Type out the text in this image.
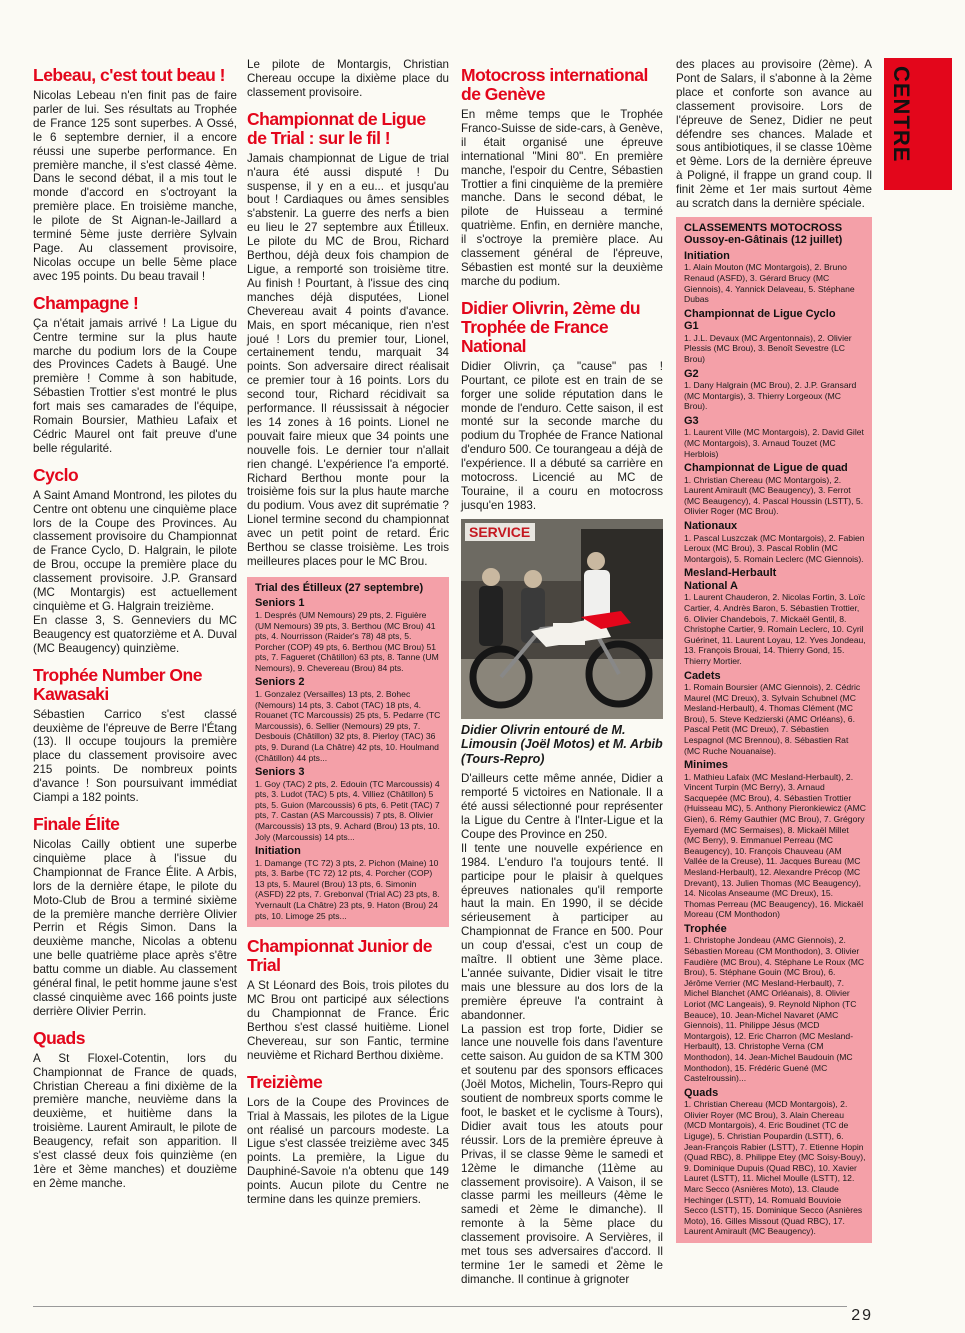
CENTRE
Lebeau, c'est tout beau !

Nicolas Lebeau n'en finit pas de faire parler de lui. Ses résultats au Trophée de France 125 sont superbes. A Ossé, le 6 septembre dernier, il a encore réussi une superbe performance. En première manche, il s'est classé 4ème. Dans le second débat, il a mis tout le monde d'accord en s'octroyant la première place. En troisième manche, le pilote de St Aignan-le-Jaillard a terminé 5ème juste derrière Sylvain Page. Au classement provisoire, Nicolas occupe un belle 5ème place avec 195 points. Du beau travail !

Champagne !

Ça n'était jamais arrivé ! La Ligue du Centre termine sur la plus haute marche du podium lors de la Coupe des Provinces Cadets à Baugé. Une première ! Comme à son habitude, Sébastien Trottier s'est montré le plus fort mais ses camarades de l'équipe, Romain Boursier, Mathieu Lafaix et Cédric Maurel ont fait preuve d'une belle régularité.

Cyclo

A Saint Amand Montrond, les pilotes du Centre ont obtenu une cinquième place lors de la Coupe des Provinces. Au classement provisoire du Championnat de France Cyclo, D. Halgrain, le pilote de Brou, occupe la première place du classement provisoire. J.P. Gransard (MC Montargis) est actuellement cinquième et G. Halgrain treizième.

En classe 3, S. Genneviers du MC Beaugency est quatorzième et A. Duval (MC Beaugency) quinzième.

Trophée Number One Kawasaki

Sébastien Carrico s'est classé deuxième de l'épreuve de Berre l'Étang (13). Il occupe toujours la première place du classement provisoire avec 215 points. De nombreux points d'avance ! Son poursuivant immédiat Ciampi a 182 points.

Finale Élite

Nicolas Cailly obtient une superbe cinquième place à l'issue du Championnat de France Élite. A Arbis, lors de la dernière étape, le pilote du Moto-Club de Brou a terminé sixième de la première manche derrière Olivier Perrin et Régis Simon. Dans la deuxième manche, Nicolas a obtenu une belle quatrième place après s'être battu comme un diable. Au classement général final, le petit homme jaune s'est classé cinquième avec 166 points juste derrière Olivier Perrin.

Quads

A St Floxel-Cotentin, lors du Championnat de France de quads, Christian Chereau a fini dixième de la première manche, neuvième dans la deuxième, et huitième dans la troisième. Laurent Amirault, le pilote de Beaugency, refait son apparition. Il s'est classé deux fois quinzième (en 1ère et 3ème manches) et douzième en 2ème manche.

Le pilote de Montargis, Christian Chereau occupe la dixième place du classement provisoire.

Championnat de Ligue de Trial : sur le fil !

Jamais championnat de Ligue de trial n'aura été aussi disputé ! Du suspense, il y en a eu... et jusqu'au bout ! Cardiaques ou âmes sensibles s'abstenir. La guerre des nerfs a bien eu lieu le 27 septembre aux Étilleux. Le pilote du MC de Brou, Richard Berthou, déjà deux fois champion de Ligue, a remporté son troisième titre. Au finish ! Pourtant, à l'issue des cinq manches déjà disputées, Lionel Chevereau avait 4 points d'avance. Mais, en sport mécanique, rien n'est joué ! Lors du premier tour, Lionel, certainement tendu, marquait 34 points. Son adversaire direct réalisait ce premier tour à 16 points. Lors du second tour, Richard récidivait sa performance. Il réussissait à négocier les 14 zones à 16 points. Lionel ne pouvait faire mieux que 34 points une nouvelle fois. Le dernier tour n'allait rien changé. L'expérience l'a emporté. Richard Berthou monte pour la troisième fois sur la plus haute marche du podium. Vous avez dit suprématie ? Lionel termine second du championnat avec un petit point de retard. Éric Berthou se classe troisième. Les trois meilleures places pour le MC Brou.

Trial des Étilleux (27 septembre)
Seniors 1

1. Després (UM Nemours) 29 pts, 2. Figuière (UM Nemours) 39 pts, 3. Berthou (MC Brou) 41 pts, 4. Nourrisson (Raider's 78) 48 pts, 5. Porcher (COP) 49 pts, 6. Berthou (MC Brou) 51 pts, 7. Fagueret (Châtillon) 63 pts, 8. Tanne (UM Nemours), 9. Chevereau (Brou) 84 pts.

Seniors 2

1. Gonzalez (Versailles) 13 pts, 2. Bohec (Nemours) 14 pts, 3. Cabot (TAC) 18 pts, 4. Rouanet (TC Marcoussis) 25 pts, 5. Pedarre (TC Marcoussis), 6. Sellier (Nemours) 29 pts, 7. Desbouis (Châtillon) 32 pts, 8. Pierloy (TAC) 36 pts, 9. Durand (La Châtre) 42 pts, 10. Houlmand (Châtillon) 44 pts...

Seniors 3

1. Goy (TAC) 2 pts, 2. Edouin (TC Marcoussis) 4 pts, 3. Ludot (TAC) 5 pts, 4. Villiez (Châtillon) 5 pts, 5. Guion (Marcoussis) 6 pts, 6. Petit (TAC) 7 pts, 7. Castan (AS Marcoussis) 7 pts, 8. Olivier (Marcoussis) 13 pts, 9. Achard (Brou) 13 pts, 10. Joly (Marcoussis) 14 pts...

Initiation

1. Damange (TC 72) 3 pts, 2. Pichon (Maine) 10 pts, 3. Barbe (TC 72) 12 pts, 4. Porcher (COP) 13 pts, 5. Maurel (Brou) 13 pts, 6. Simonin (ASFD) 22 pts, 7. Grebonval (Trial AC) 23 pts, 8. Yvernault (La Châtre) 23 pts, 9. Haton (Brou) 24 pts, 10. Limoge 25 pts...

Championnat Junior de Trial

A St Léonard des Bois, trois pilotes du MC Brou ont participé aux sélections du Championnat de France. Éric Berthou s'est classé huitième. Lionel Chevereau, sur son Fantic, termine neuvième et Richard Berthou dixième.

Treizième

Lors de la Coupe des Provinces de Trial à Massais, les pilotes de la Ligue ont réalisé un parcours modeste. La Ligue s'est classée treizième avec 345 points. La première, la Ligue du Dauphiné-Savoie n'a obtenu que 149 points. Aucun pilote du Centre ne termine dans les quinze premiers.

Motocross international de Genève

En même temps que le Trophée Franco-Suisse de side-cars, à Genève, il était organisé une épreuve international "Mini 80". En première manche, l'espoir du Centre, Sébastien Trottier a fini cinquième de la première manche. Dans le second débat, le pilote de Huisseau a terminé quatrième. Enfin, en dernière manche, il s'octroye la première place. Au classement général de l'épreuve, Sébastien est monté sur la deuxième marche du podium.

Didier Olivrin, 2ème du Trophée de France National

Didier Olivrin, ça "cause" pas ! Pourtant, ce pilote est en train de se forger une solide réputation dans le monde de l'enduro. Cette saison, il est monté sur la seconde marche du podium du Trophée de France National d'enduro 500. Ce tourangeau a déjà de l'expérience. Il a débuté sa carrière en motocross. Licencié au MC de Touraine, il a couru en motocross jusqu'en 1983.

SERVICE
Didier Olivrin entouré de M. Limousin (Joël Motos) et M. Arbib (Tours-Repro)

D'ailleurs cette même année, Didier a remporté 5 victoires en Nationale. Il a été aussi sélectionné pour représenter la Ligue du Centre à l'Inter-Ligue et la Coupe des Province en 250.

Il tente une nouvelle expérience en 1984. L'enduro l'a toujours tenté. Il participe pour le plaisir à quelques épreuves nationales qu'il remporte haut la main. En 1990, il se décide sérieusement à participer au Championnat de France en 500. Pour un coup d'essai, c'est un coup de maître. Il obtient une 3ème place. L'année suivante, Didier visait le titre mais une blessure au dos lors de la première épreuve l'a contraint à abandonner.

La passion est trop forte, Didier se lance une nouvelle fois dans l'aventure cette saison. Au guidon de sa KTM 300 et soutenu par des sponsors efficaces (Joël Motos, Michelin, Tours-Repro qui soutient de nombreux sports comme le foot, le basket et le cyclisme à Tours), Didier avait tous les atouts pour réussir. Lors de la première épreuve à Privas, il se classe 9ème le samedi et 12ème le dimanche (11ème au classement provisoire). A Vaison, il se classe parmi les meilleurs (4ème le samedi et 2ème le dimanche). Il remonte à la 5ème place du classement provisoire. A Servières, il met tous ses adversaires d'accord. Il termine 1er le samedi et 2ème le dimanche. Il continue à grignoter

des places au provisoire (2ème). A Pont de Salars, il s'abonne à la 2ème place et conforte son avance au classement provisoire. Lors de l'épreuve de Senez, Didier ne peut défendre ses chances. Malade et sous antibiotiques, il se classe 10ème et 9ème. Lors de la dernière épreuve à Poligné, il frappe un grand coup. Il finit 2ème et 1er mais surtout 4ème au scratch dans la dernière spéciale.

CLASSEMENTS MOTOCROSS
Oussoy-en-Gâtinais (12 juillet)
Initiation

1. Alain Mouton (MC Montargois), 2. Bruno Renaud (ASFD), 3. Gérard Brucy (MC Giennois), 4. Yannick Delaveau, 5. Stéphane Dubas

Championnat de Ligue Cyclo
G1

1. J.L. Devaux (MC Argentonnais), 2. Olivier Plessis (MC Brou), 3. Benoît Sevestre (LC Brou)

G2

1. Dany Halgrain (MC Brou), 2. J.P. Gransard (MC Montargis), 3. Thierry Lorgeoux (MC Brou).

G3

1. Laurent Ville (MC Montargois), 2. David Gilet (MC Montargois), 3. Arnaud Touzet (MC Herblois)

Championnat de Ligue de quad

1. Christian Chereau (MC Montargois), 2. Laurent Amirault (MC Beaugency), 3. Ferrot (MC Beaugency), 4. Pascal Houssin (LSTT), 5. Olivier Roger (MC Brou).

Nationaux

1. Pascal Luszczak (MC Montargois), 2. Fabien Leroux (MC Brou), 3. Pascal Roblin (MC Montargois), 5. Romain Leclerc (MC Giennois).

Mesland-Herbault
National A

1. Laurent Chauderon, 2. Nicolas Fortin, 3. Loïc Cartier, 4. Andrès Baron, 5. Sébastien Trottier, 6. Olivier Chandebois, 7. Mickaël Gentil, 8. Christophe Cartier, 9. Romain Leclerc, 10. Cyril Guérinet, 11. Laurent Loyau, 12. Yves Jondeau, 13. François Brouai, 14. Thierry Gond, 15. Thierry Mortier.

Cadets

1. Romain Boursier (AMC Giennois), 2. Cédric Maurel (MC Dreux), 3. Sylvain Schubnel (MC Mesland-Herbault), 4. Thomas Clément (MC Brou), 5. Steve Kedzierski (AMC Orléans), 6. Pascal Petit (MC Dreux), 7. Sébastien Lespagnol (MC Brennou), 8. Sébastien Rat (MC Ruche Nouanaise).

Minimes

1. Mathieu Lafaix (MC Mesland-Herbault), 2. Vincent Turpin (MC Berry), 3. Arnaud Sacquepée (MC Brou), 4. Sébastien Trottier (Huisseau MC), 5. Anthony Pieronkiewicz (AMC Gien), 6. Rémy Gauthier (MC Brou), 7. Grégory Eyemard (MC Sermaises), 8. Mickaël Millet (MC Berry), 9. Emmanuel Perreau (MC Beaugency), 10. François Chauveau (AM Vallée de la Creuse), 11. Jacques Bureau (MC Mesland-Herbault), 12. Alexandre Précop (MC Drevant), 13. Julien Thomas (MC Beaugency), 14. Nicolas Anseaume (MC Dreux), 15. Thomas Perreau (MC Beaugency), 16. Mickaël Moreau (CM Monthodon)

Trophée

1. Christophe Jondeau (AMC Giennois), 2. Sébastien Moreau (CM Monthodon), 3. Olivier Faudière (MC Brou), 4. Stéphane Le Roux (MC Brou), 5. Stéphane Gouin (MC Brou), 6. Jérôme Verrier (MC Mesland-Herbault), 7. Michel Blanchet (AMC Orléanais), 8. Olivier Loriot (MC Langeais), 9. Reynold Niphon (TC Beauce), 10. Jean-Michel Navaret (AMC Giennois), 11. Philippe Jésus (MCD Montargois), 12. Eric Charron (MC Mesland-Herbault), 13. Christophe Verna (CM Monthodon), 14. Jean-Michel Baudouin (MC Monthodon), 15. Frédéric Guené (MC Castelroussin)...

Quads

1. Christian Chereau (MCD Montargois), 2. Olivier Royer (MC Brou), 3. Alain Chereau (MCD Montargois), 4. Eric Boudinet (TC de Liguge), 5. Christian Poupardin (LSTT), 6. Jean-François Rabier (LSTT), 7. Etienne Hopin (Quad RBC), 8. Philippe Etey (MC Soisy-Bouy), 9. Dominique Dupuis (Quad RBC), 10. Xavier Lauret (LSTT), 11. Michel Moulle (LSTT), 12. Marc Secco (Asnières Moto), 13. Claude Hechinger (LSTT), 14. Romuald Bouvioie Secco (LSTT), 15. Dominique Secco (Asnières Moto), 16. Gilles Missout (Quad RBC), 17. Laurent Amirault (MC Beaugency).

29
